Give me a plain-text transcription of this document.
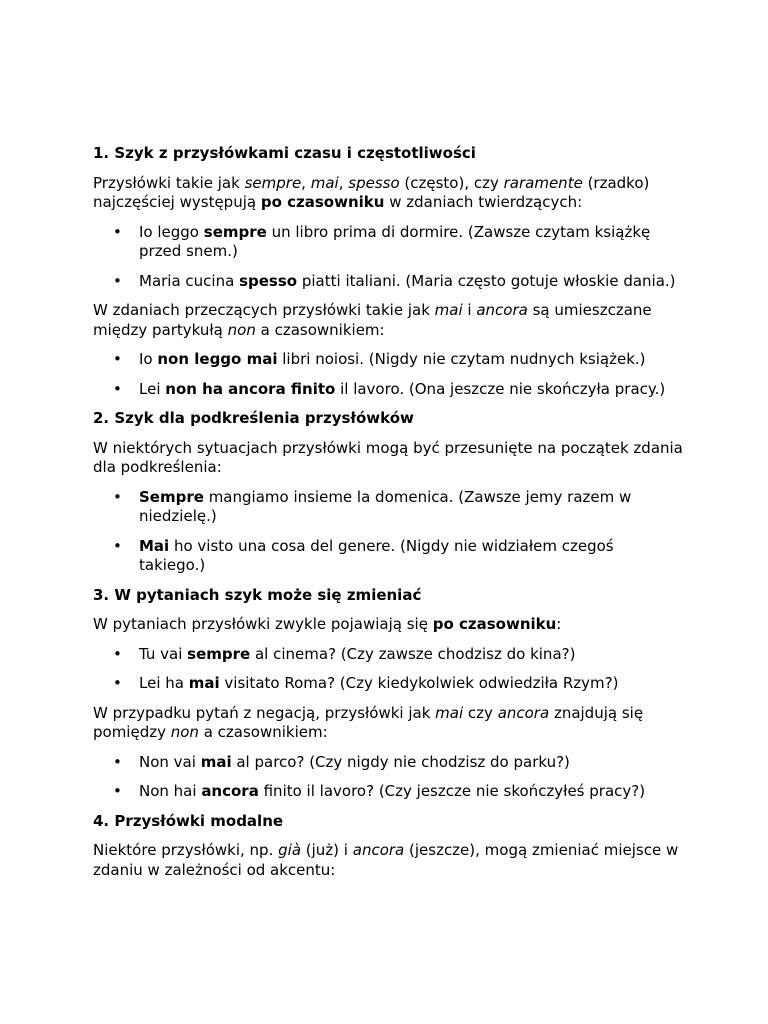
1. Szyk z przysłówkami czasu i częstotliwości

Przysłówki takie jak sempre, mai, spesso (często), czy raramente (rzadko) najczęściej występują po czasowniku w zdaniach twierdzących:

• Io leggo sempre un libro prima di dormire. (Zawsze czytam książkę przed snem.)
• Maria cucina spesso piatti italiani. (Maria często gotuje włoskie dania.)

W zdaniach przeczących przysłówki takie jak mai i ancora są umieszczane między partykułą non a czasownikiem:

• Io non leggo mai libri noiosi. (Nigdy nie czytam nudnych książek.)
• Lei non ha ancora finito il lavoro. (Ona jeszcze nie skończyła pracy.)
2. Szyk dla podkreślenia przysłówków

W niektórych sytuacjach przysłówki mogą być przesunięte na początek zdania dla podkreślenia:

• Sempre mangiamo insieme la domenica. (Zawsze jemy razem w niedzielę.)
• Mai ho visto una cosa del genere. (Nigdy nie widziałem czegoś takiego.)
3. W pytaniach szyk może się zmieniać

W pytaniach przysłówki zwykle pojawiają się po czasowniku:

• Tu vai sempre al cinema? (Czy zawsze chodzisz do kina?)
• Lei ha mai visitato Roma? (Czy kiedykolwiek odwiedziła Rzym?)

W przypadku pytań z negacją, przysłówki jak mai czy ancora znajdują się pomiędzy non a czasownikiem:

• Non vai mai al parco? (Czy nigdy nie chodzisz do parku?)
• Non hai ancora finito il lavoro? (Czy jeszcze nie skończyłeś pracy?)
4. Przysłówki modalne

Niektóre przysłówki, np. già (już) i ancora (jeszcze), mogą zmieniać miejsce w zdaniu w zależności od akcentu:
